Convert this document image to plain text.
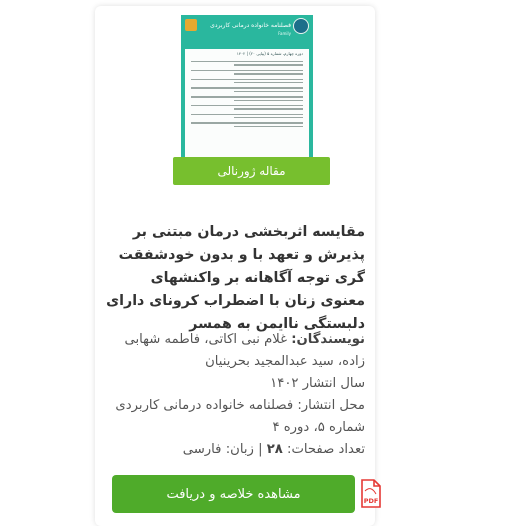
فصلنامه خانواده درمانی کاربردی
Family
دوره چهارم، شماره ۵ (پیاپی ۲۰) | ۱۴۰۲
مقاله ژورنالی
مقایسه اثربخشی درمان مبتنی بر پذیرش و تعهد با و بدون خودشفقت گری توجه آگاهانه بر واکنشهای معنوی زنان با اضطراب کرونای دارای دلبستگی ناایمن به همسر

نویسندگان: غلام نبی اکاتی، فاطمه شهابی زاده، سید عبدالمجید بحرینیان

سال انتشار ۱۴۰۲

محل انتشار: فصلنامه خانواده درمانی کاربردی

شماره ۵، دوره ۴

تعداد صفحات: ۲۸ | زبان: فارسی

مشاهده خلاصه و دریافت	PDF
